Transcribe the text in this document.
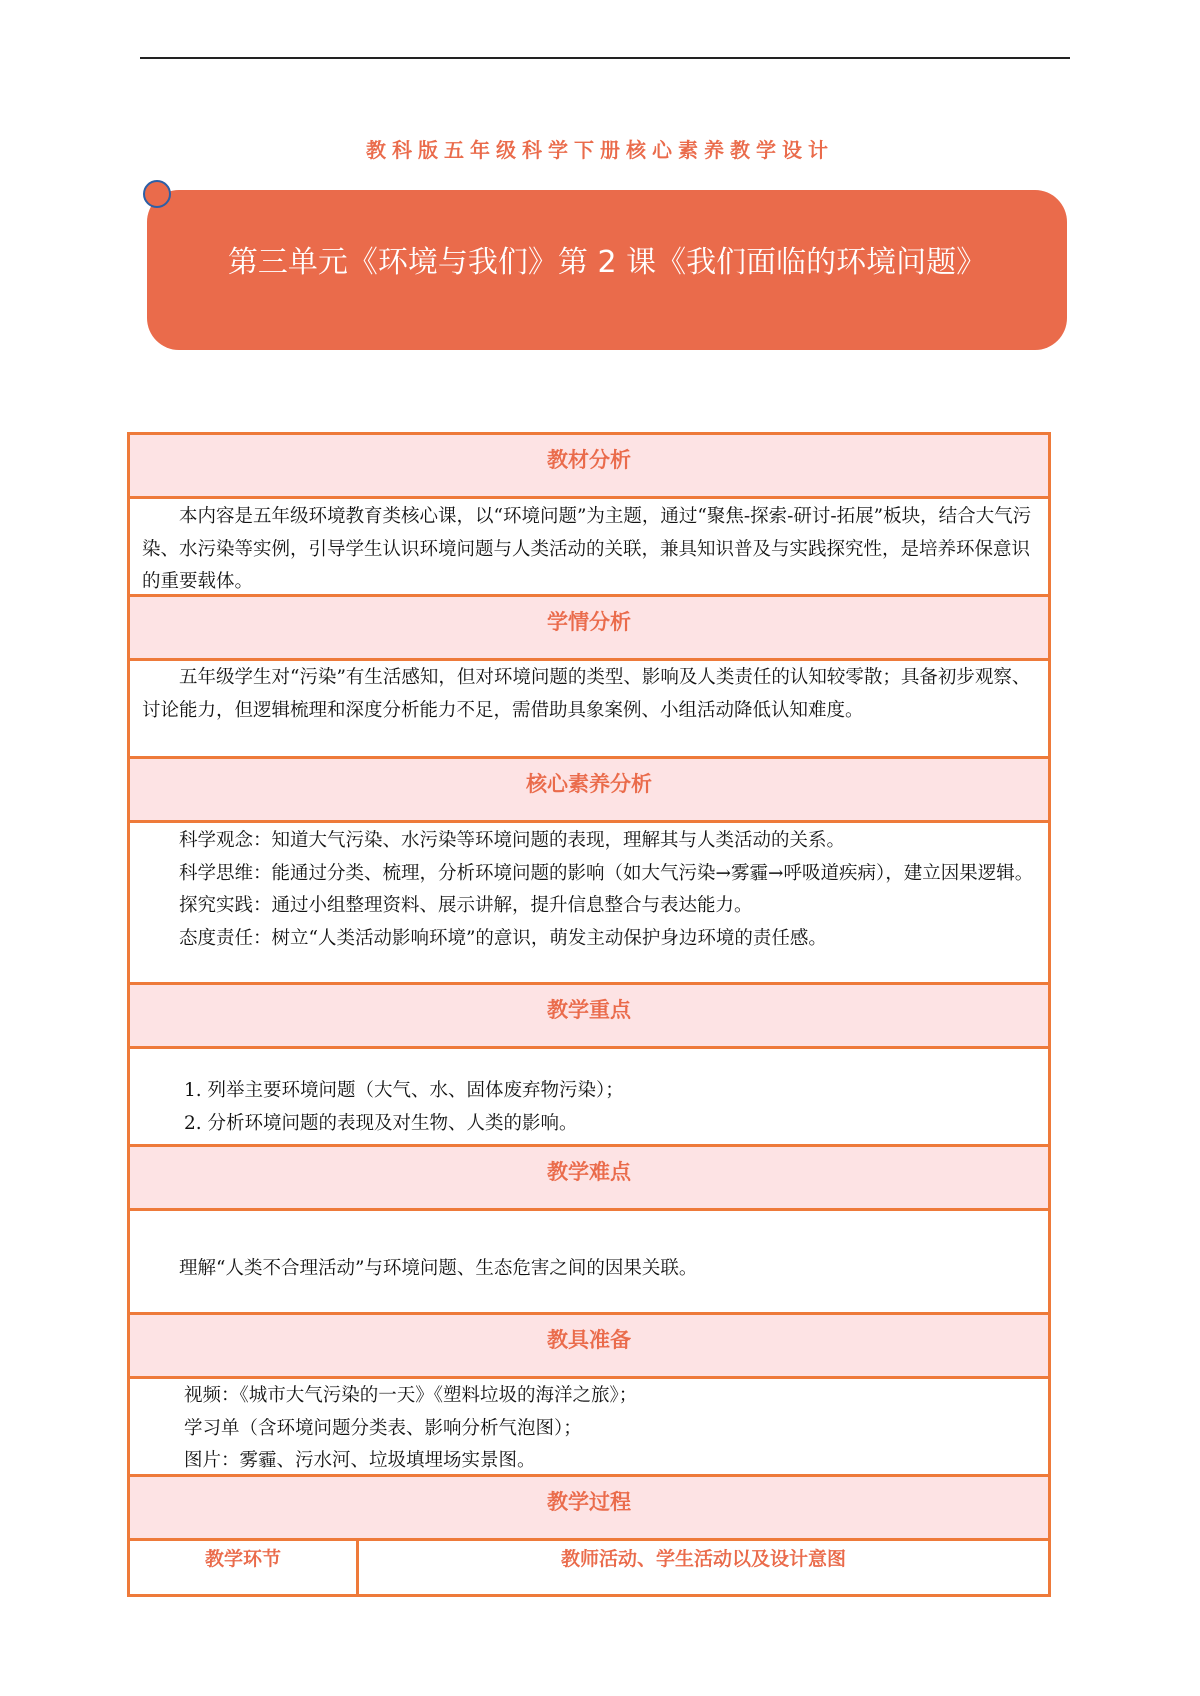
教科版五年级科学下册核心素养教学设计
第三单元《环境与我们》第 2 课《我们面临的环境问题》
教材分析

本内容是五年级环境教育类核心课，以“环境问题”为主题，通过“聚焦-探索-研讨-拓展”板块，结合大气污染、水污染等实例，引导学生认识环境问题与人类活动的关联，兼具知识普及与实践探究性，是培养环保意识的重要载体。

学情分析

五年级学生对“污染”有生活感知，但对环境问题的类型、影响及人类责任的认知较零散；具备初步观察、讨论能力，但逻辑梳理和深度分析能力不足，需借助具象案例、小组活动降低认知难度。

核心素养分析

科学观念：知道大气污染、水污染等环境问题的表现，理解其与人类活动的关系。

科学思维：能通过分类、梳理，分析环境问题的影响（如大气污染→雾霾→呼吸道疾病），建立因果逻辑。

探究实践：通过小组整理资料、展示讲解，提升信息整合与表达能力。

态度责任：树立“人类活动影响环境”的意识，萌发主动保护身边环境的责任感。

教学重点

1. 列举主要环境问题（大气、水、固体废弃物污染）；

2. 分析环境问题的表现及对生物、人类的影响。

教学难点

理解“人类不合理活动”与环境问题、生态危害之间的因果关联。

教具准备

视频：《城市大气污染的一天》《塑料垃圾的海洋之旅》；

学习单（含环境问题分类表、影响分析气泡图）；

图片：雾霾、污水河、垃圾填埋场实景图。

教学过程
教学环节	教师活动、学生活动以及设计意图
